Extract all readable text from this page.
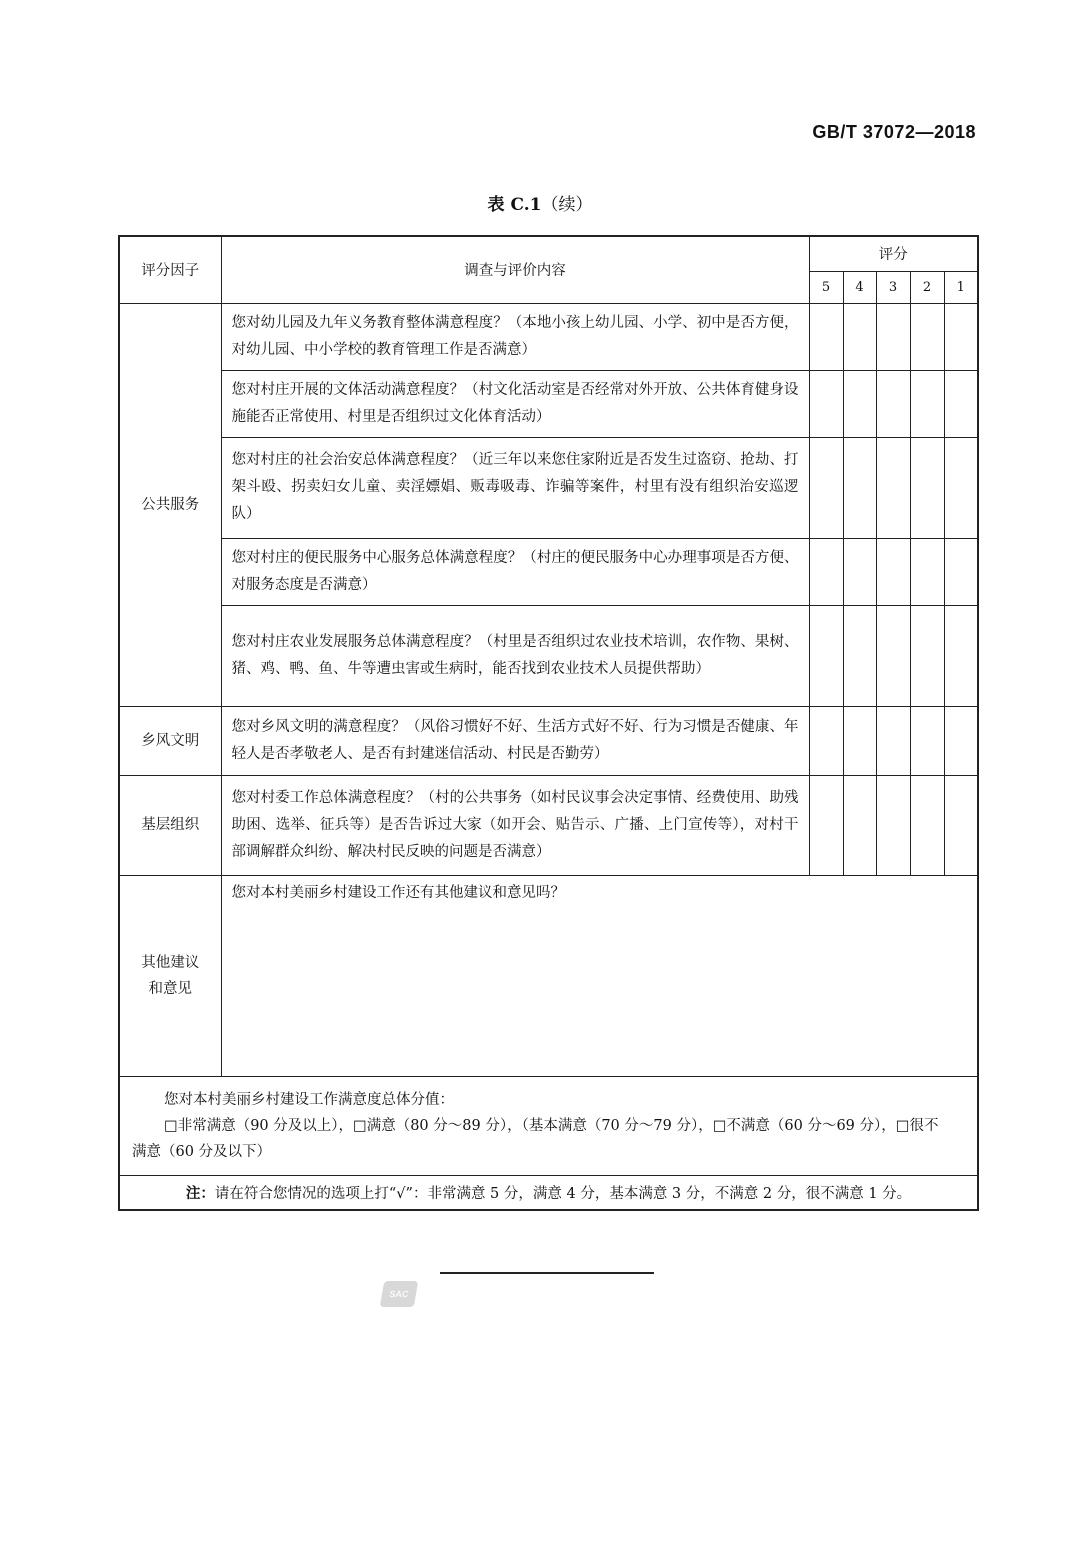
GB/T 37072—2018
表 C.1（续）
评分因子	调查与评价内容	评分				
		5	4	3	2	1
公共服务	您对幼儿园及九年义务教育整体满意程度？（本地小孩上幼儿园、小学、初中是否方便，对幼儿园、中小学校的教育管理工作是否满意）					
	您对村庄开展的文体活动满意程度？（村文化活动室是否经常对外开放、公共体育健身设施能否正常使用、村里是否组织过文化体育活动）					
	您对村庄的社会治安总体满意程度？（近三年以来您住家附近是否发生过盗窃、抢劫、打架斗殴、拐卖妇女儿童、卖淫嫖娼、贩毒吸毒、诈骗等案件，村里有没有组织治安巡逻队）					
	您对村庄的便民服务中心服务总体满意程度？（村庄的便民服务中心办理事项是否方便、对服务态度是否满意）					
	您对村庄农业发展服务总体满意程度？（村里是否组织过农业技术培训，农作物、果树、猪、鸡、鸭、鱼、牛等遭虫害或生病时，能否找到农业技术人员提供帮助）					
乡风文明	您对乡风文明的满意程度？（风俗习惯好不好、生活方式好不好、行为习惯是否健康、年轻人是否孝敬老人、是否有封建迷信活动、村民是否勤劳）					
基层组织	您对村委工作总体满意程度？（村的公共事务（如村民议事会决定事情、经费使用、助残助困、选举、征兵等）是否告诉过大家（如开会、贴告示、广播、上门宣传等），对村干部调解群众纠纷、解决村民反映的问题是否满意）					

其他建议
和意见	您对本村美丽乡村建设工作还有其他建议和意见吗？					

您对本村美丽乡村建设工作满意度总体分值：
□非常满意（90 分及以上），□满意（80 分～89 分），（基本满意（70 分～79 分），□不满意（60 分～69 分），□很不
满意（60 分及以下）						

注：请在符合您情况的选项上打“√”：非常满意 5 分，满意 4 分，基本满意 3 分，不满意 2 分，很不满意 1 分。						
SAC
